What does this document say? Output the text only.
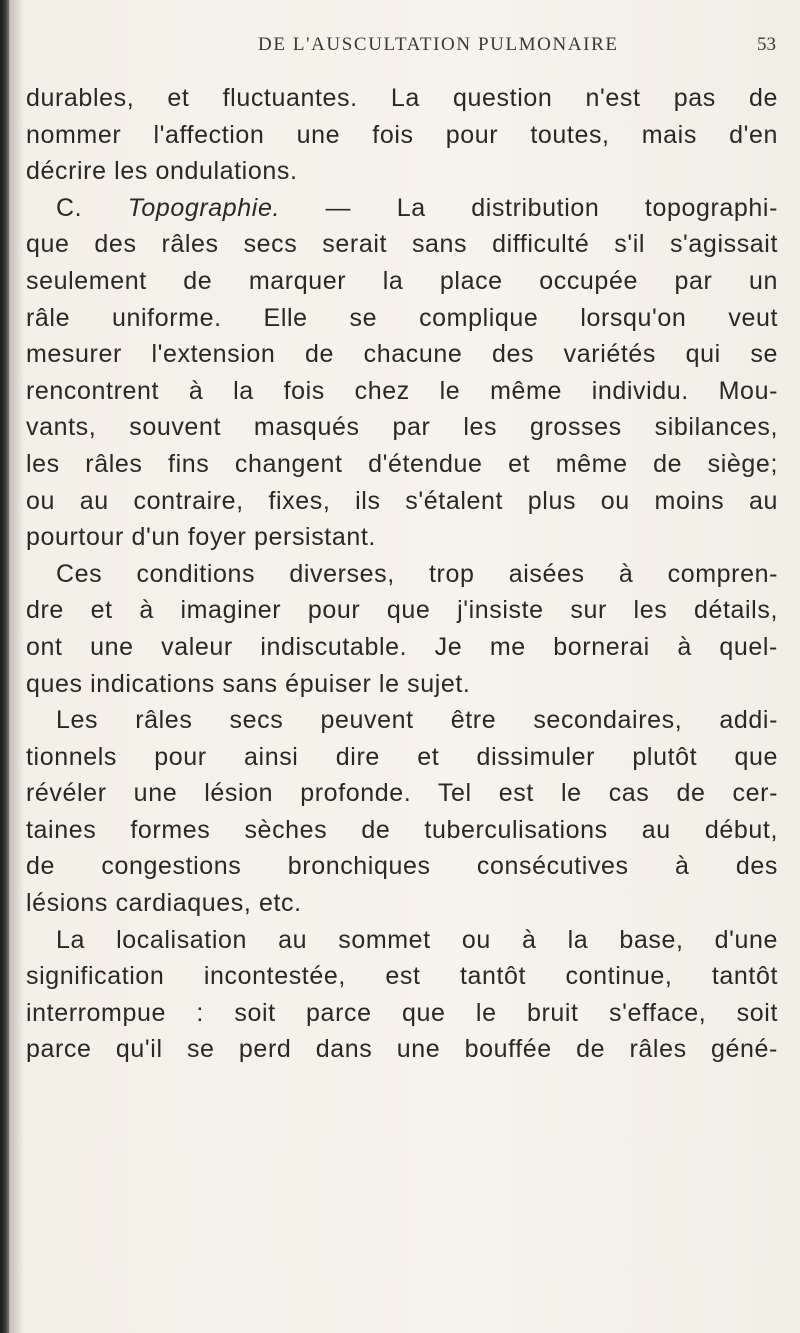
DE L'AUSCULTATION PULMONAIRE	53
durables, et fluctuantes. La question n'est pas de
nommer l'affection une fois pour toutes, mais d'en
décrire les ondulations.
C. Topographie. — La distribution topographi-
que des râles secs serait sans difficulté s'il s'agissait
seulement de marquer la place occupée par un
râle uniforme. Elle se complique lorsqu'on veut
mesurer l'extension de chacune des variétés qui se
rencontrent à la fois chez le même individu. Mou-
vants, souvent masqués par les grosses sibilances,
les râles fins changent d'étendue et même de siège;
ou au contraire, fixes, ils s'étalent plus ou moins au
pourtour d'un foyer persistant.
Ces conditions diverses, trop aisées à compren-
dre et à imaginer pour que j'insiste sur les détails,
ont une valeur indiscutable. Je me bornerai à quel-
ques indications sans épuiser le sujet.
Les râles secs peuvent être secondaires, addi-
tionnels pour ainsi dire et dissimuler plutôt que
révéler une lésion profonde. Tel est le cas de cer-
taines formes sèches de tuberculisations au début,
de congestions bronchiques consécutives à des
lésions cardiaques, etc.
La localisation au sommet ou à la base, d'une
signification incontestée, est tantôt continue, tantôt
interrompue : soit parce que le bruit s'efface, soit
parce qu'il se perd dans une bouffée de râles géné-
